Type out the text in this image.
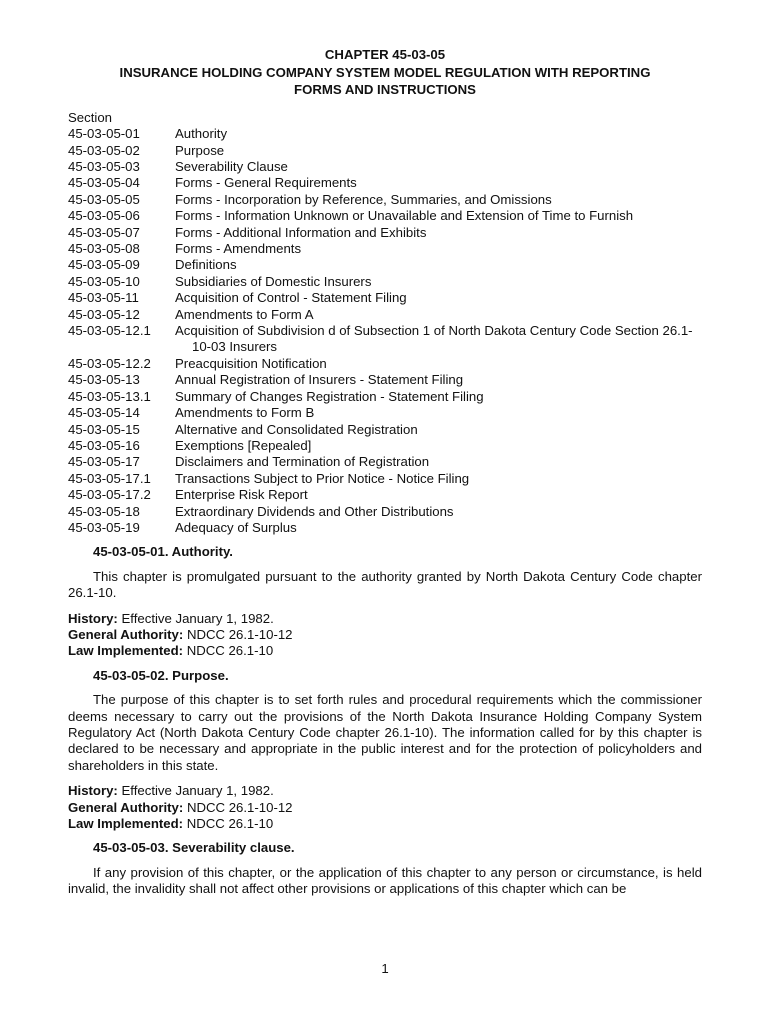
CHAPTER 45-03-05
INSURANCE HOLDING COMPANY SYSTEM MODEL REGULATION WITH REPORTING
FORMS AND INSTRUCTIONS
Section
45-03-05-01	Authority
45-03-05-02	Purpose
45-03-05-03	Severability Clause
45-03-05-04	Forms - General Requirements
45-03-05-05	Forms - Incorporation by Reference, Summaries, and Omissions
45-03-05-06	Forms - Information Unknown or Unavailable and Extension of Time to Furnish
45-03-05-07	Forms - Additional Information and Exhibits
45-03-05-08	Forms - Amendments
45-03-05-09	Definitions
45-03-05-10	Subsidiaries of Domestic Insurers
45-03-05-11	Acquisition of Control - Statement Filing
45-03-05-12	Amendments to Form A
45-03-05-12.1	Acquisition of Subdivision d of Subsection 1 of North Dakota Century Code Section 26.1-10-03 Insurers
45-03-05-12.2	Preacquisition Notification
45-03-05-13	Annual Registration of Insurers - Statement Filing
45-03-05-13.1	Summary of Changes Registration - Statement Filing
45-03-05-14	Amendments to Form B
45-03-05-15	Alternative and Consolidated Registration
45-03-05-16	Exemptions [Repealed]
45-03-05-17	Disclaimers and Termination of Registration
45-03-05-17.1	Transactions Subject to Prior Notice - Notice Filing
45-03-05-17.2	Enterprise Risk Report
45-03-05-18	Extraordinary Dividends and Other Distributions
45-03-05-19	Adequacy of Surplus
45-03-05-01. Authority.
This chapter is promulgated pursuant to the authority granted by North Dakota Century Code chapter 26.1-10.
History: Effective January 1, 1982.
General Authority: NDCC 26.1-10-12
Law Implemented: NDCC 26.1-10
45-03-05-02. Purpose.
The purpose of this chapter is to set forth rules and procedural requirements which the commissioner deems necessary to carry out the provisions of the North Dakota Insurance Holding Company System Regulatory Act (North Dakota Century Code chapter 26.1-10). The information called for by this chapter is declared to be necessary and appropriate in the public interest and for the protection of policyholders and shareholders in this state.
History: Effective January 1, 1982.
General Authority: NDCC 26.1-10-12
Law Implemented: NDCC 26.1-10
45-03-05-03. Severability clause.
If any provision of this chapter, or the application of this chapter to any person or circumstance, is held invalid, the invalidity shall not affect other provisions or applications of this chapter which can be
1
